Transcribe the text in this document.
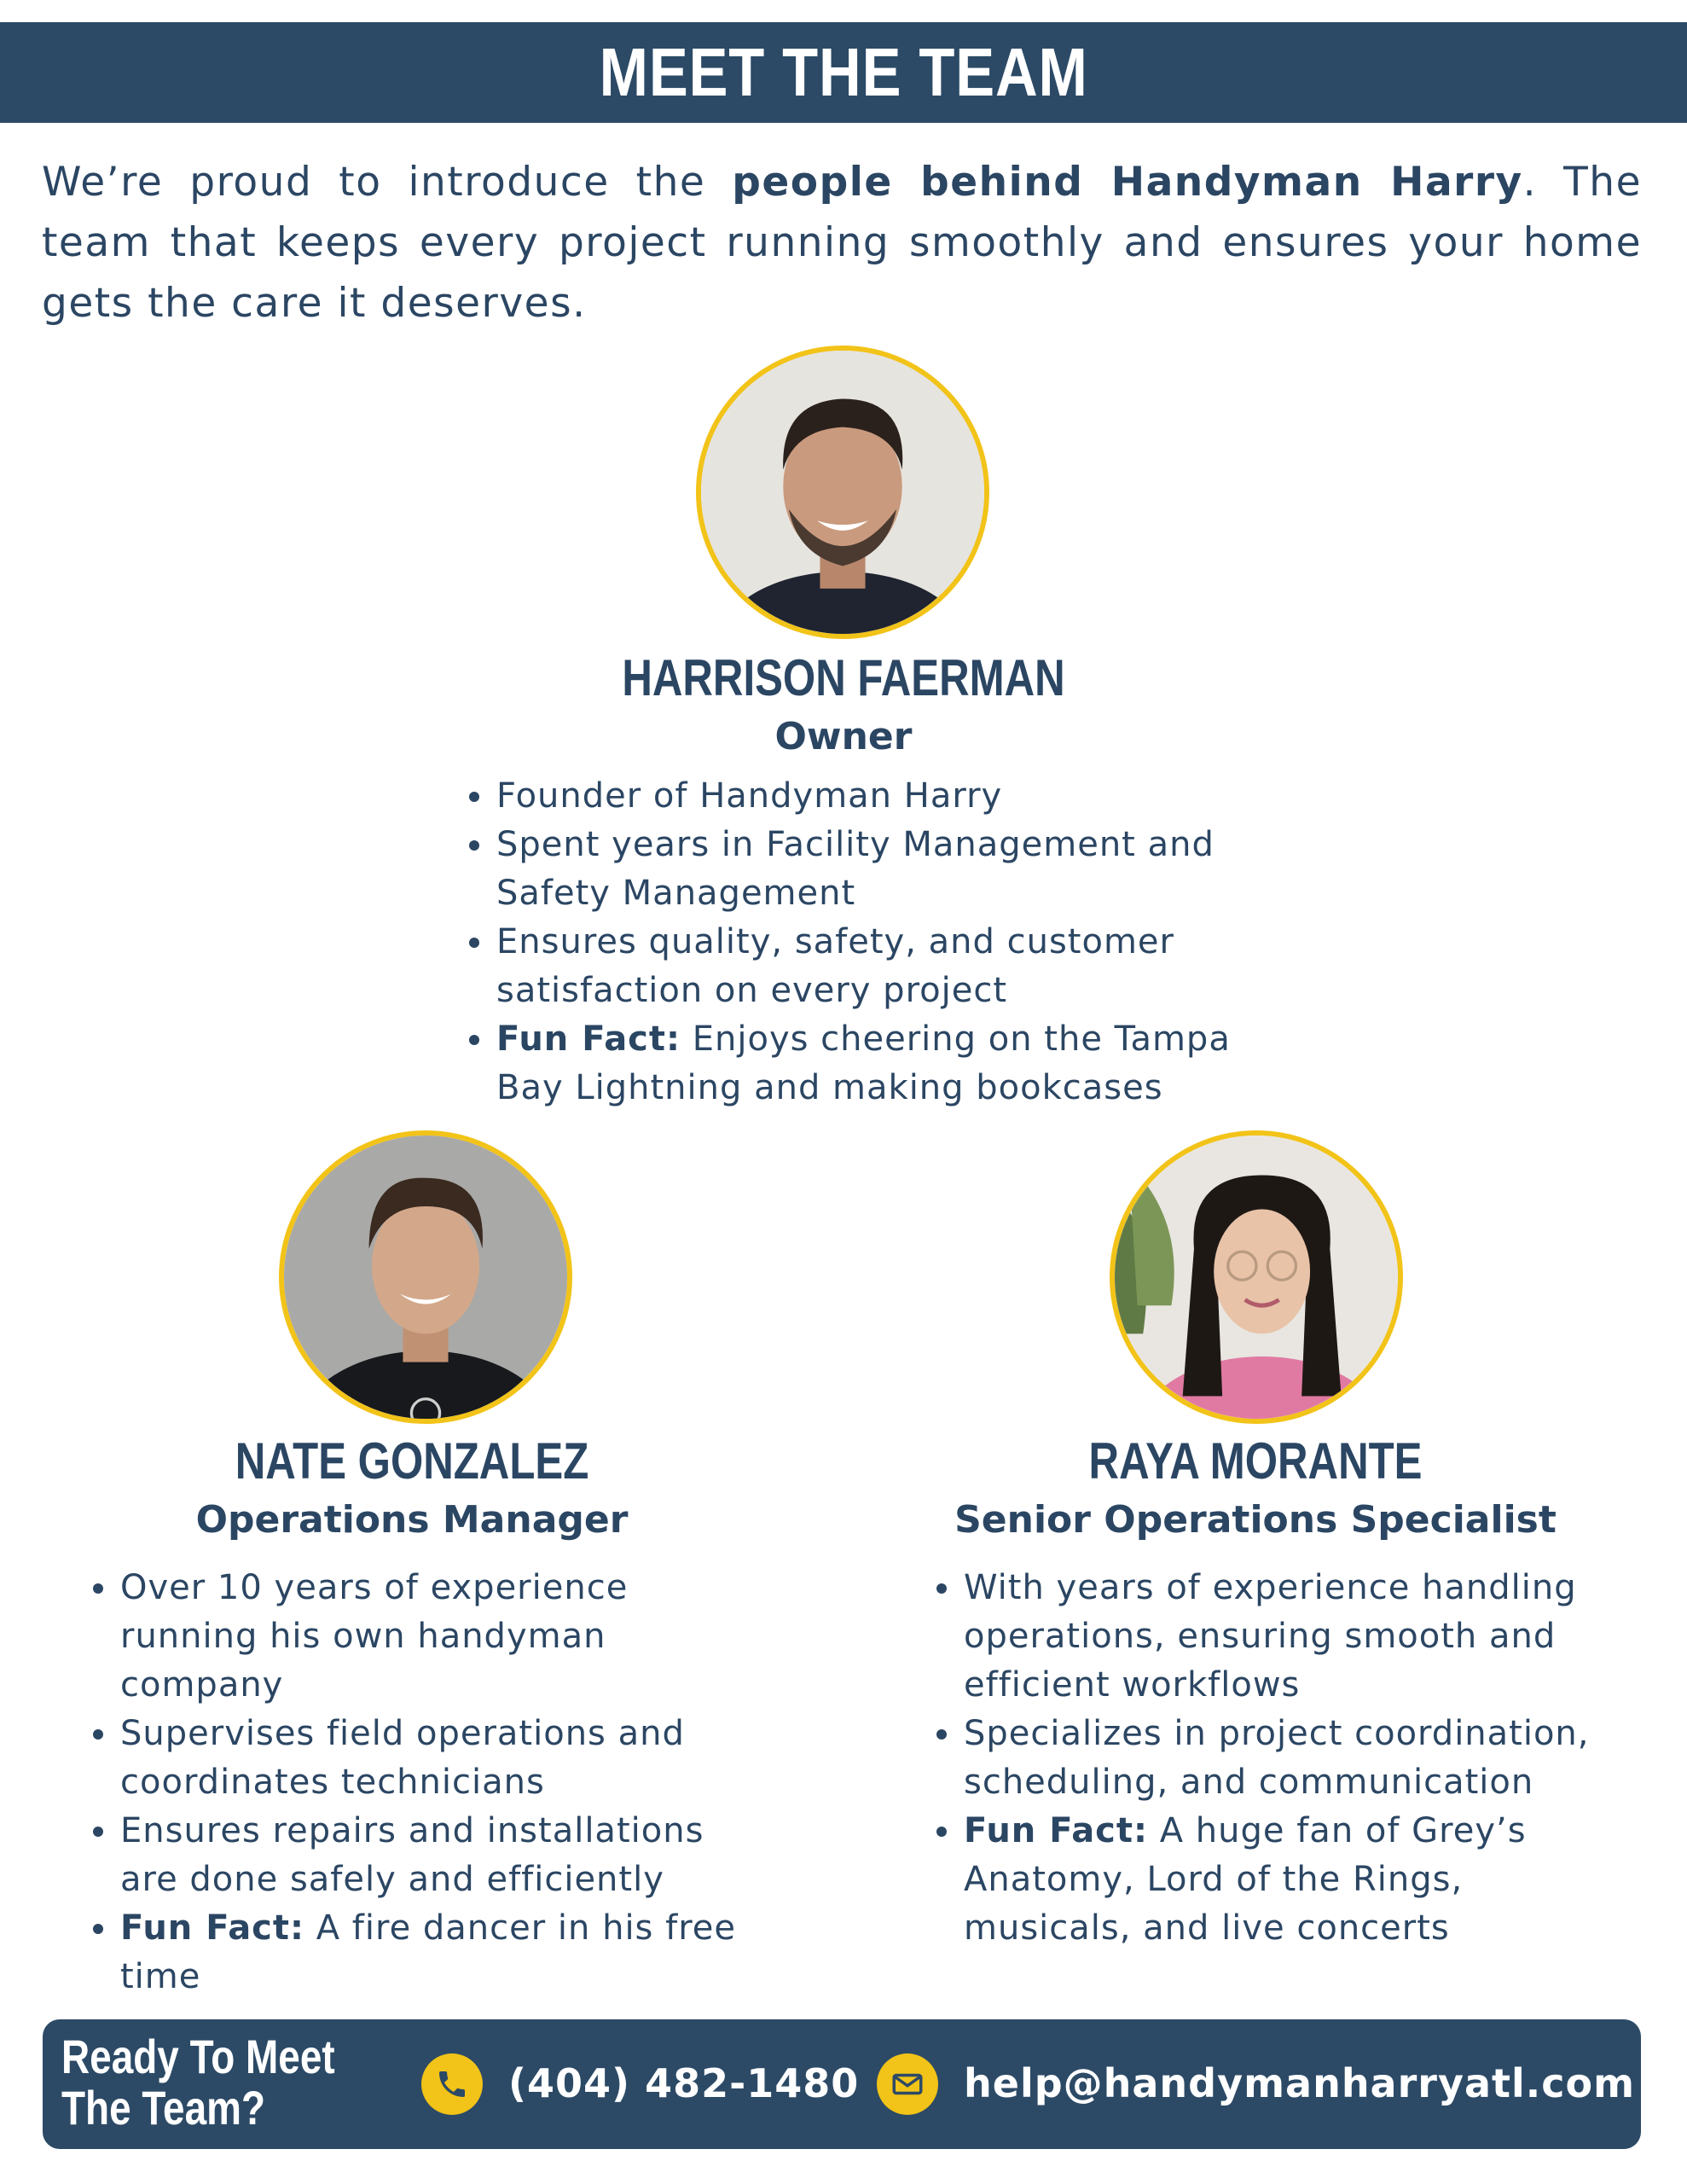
MEET THE TEAM
We’re proud to introduce the people behind Handyman Harry. The team that keeps every project running smoothly and ensures your home gets the care it deserves.
HARRISON FAERMAN
Owner
Founder of Handyman Harry
Spent years in Facility Management and Safety Management
Ensures quality, safety, and customer satisfaction on every project
Fun Fact: Enjoys cheering on the Tampa Bay Lightning and making bookcases
NATE GONZALEZ
Operations Manager
Over 10 years of experience running his own handyman company
Supervises field operations and coordinates technicians
Ensures repairs and installations are done safely and efficiently
Fun Fact: A fire dancer in his free time
RAYA MORANTE
Senior Operations Specialist
With years of experience handling operations, ensuring smooth and efficient workflows
Specializes in project coordination, scheduling, and communication
Fun Fact: A huge fan of Grey’s Anatomy, Lord of the Rings, musicals, and live concerts
Ready To Meet
The Team?	(404) 482-1480	help@handymanharryatl.com
